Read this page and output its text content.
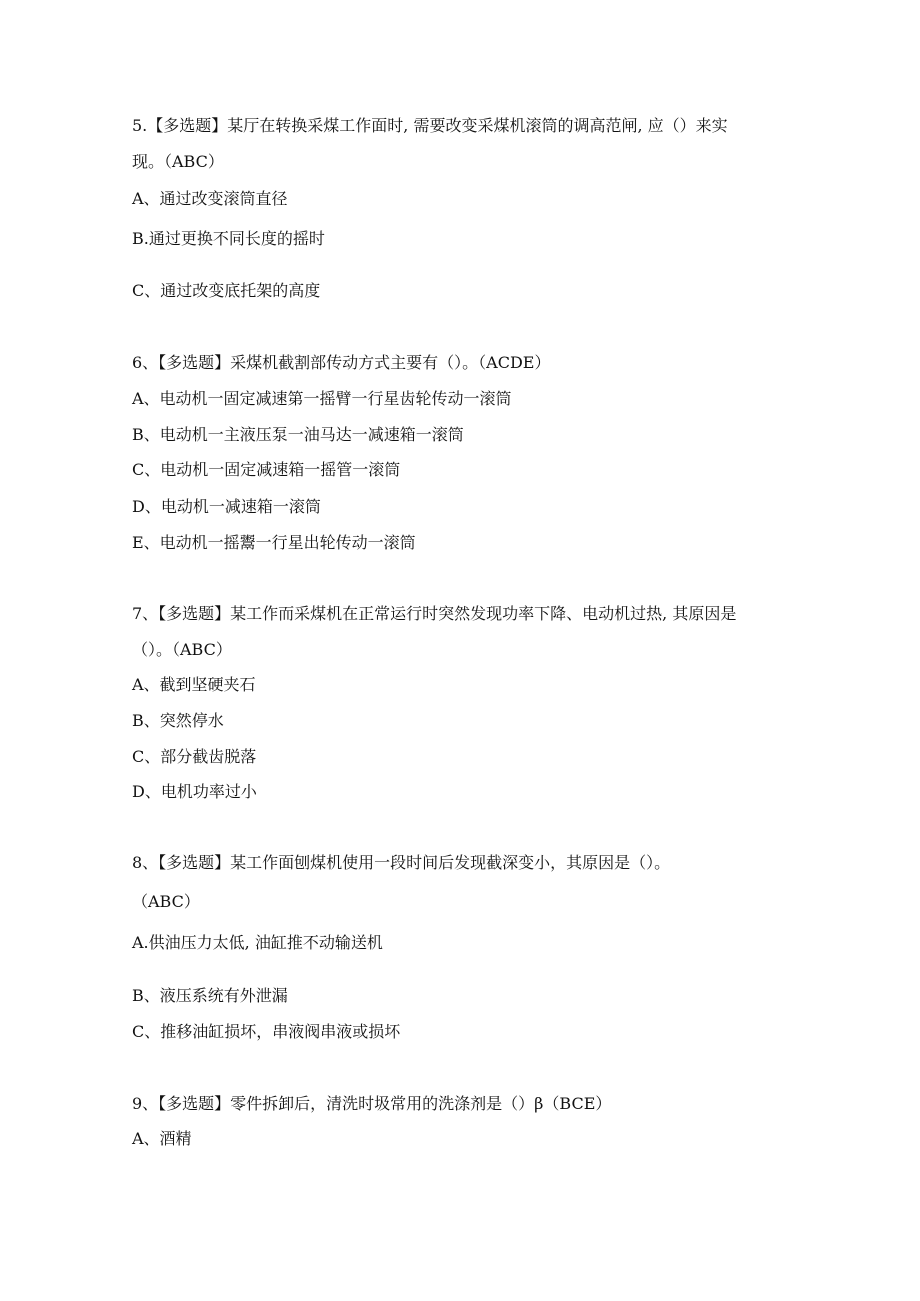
5.【多选题】某厅在转换采煤工作面时, 需要改变采煤机滚筒的调高范闸, 应（）来实
现。（ABC）
A、通过改变滚筒直径
B.通过更换不同长度的摇时
C、通过改变底托架的高度
6、【多选题】采煤机截割部传动方式主要有（）。（ACDE）
A、电动机一固定减速第一摇臂一行星齿轮传动一滚筒
B、电动机一主液压泵一油马达一减速箱一滚筒
C、电动机一固定减速箱一摇管一滚筒
D、电动机一减速箱一滚筒
E、电动机一摇鬻一行星出轮传动一滚筒
7、【多选题】某工作而采煤机在正常运行时突然发现功率下降、电动机过热, 其原因是
（）。（ABC）
A、截到坚硬夹石
B、突然停水
C、部分截齿脱落
D、电机功率过小
8、【多选题】某工作面刨煤机使用一段时间后发现截深变小，其原因是（）。
（ABC）
A.供油压力太低, 油缸推不动输送机
B、液压系统有外泄漏
C、推移油缸损坏，串液阀串液或损坏
9、【多选题】零件拆卸后，清洗时圾常用的洗涤剂是（）β（BCE）
A、酒精
